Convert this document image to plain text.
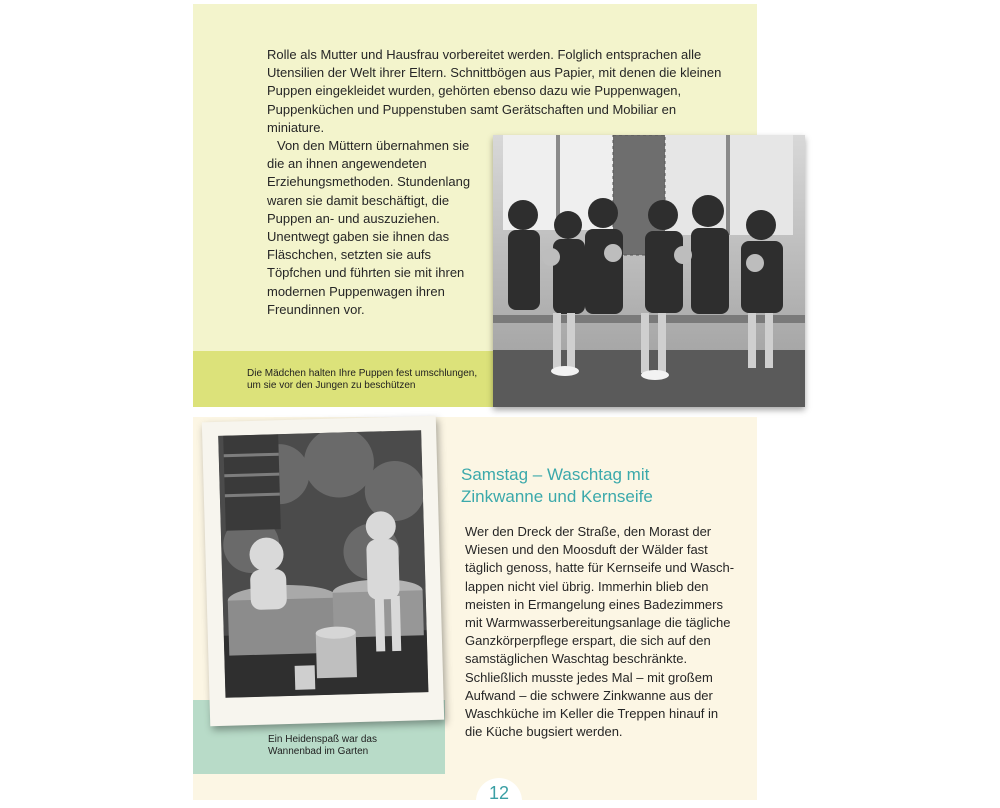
Rolle als Mutter und Hausfrau vorbereitet werden. Folglich entsprachen alle
Utensilien der Welt ihrer Eltern. Schnittbögen aus Papier, mit denen die kleinen
Puppen eingekleidet wurden, gehörten ebenso dazu wie Puppenwagen,
Puppenküchen und Puppenstuben samt Gerätschaften und Mobiliar en
miniature.
Von den Müttern übernahmen sie
die an ihnen angewendeten
Erziehungsmethoden. Stundenlang
waren sie damit beschäftigt, die
Puppen an- und auszuziehen.
Unentwegt gaben sie ihnen das
Fläschchen, setzten sie aufs
Töpfchen und führten sie mit ihren
modernen Puppenwagen ihren
Freundinnen vor.
Die Mädchen halten Ihre Puppen fest umschlungen,
um sie vor den Jungen zu beschützen
Ein Heidenspaß war das
Wannenbad im Garten
Samstag – Waschtag mit
Zinkwanne und Kernseife
Wer den Dreck der Straße, den Morast der
Wiesen und den Moosduft der Wälder fast
täglich genoss, hatte für Kernseife und Wasch-
lappen nicht viel übrig. Immerhin blieb den
meisten in Ermangelung eines Badezimmers
mit Warmwasserbereitungsanlage die tägliche
Ganzkörperpflege erspart, die sich auf den
samstäglichen Waschtag beschränkte.
Schließlich musste jedes Mal – mit großem
Aufwand – die schwere Zinkwanne aus der
Waschküche im Keller die Treppen hinauf in
die Küche bugsiert werden.
12
